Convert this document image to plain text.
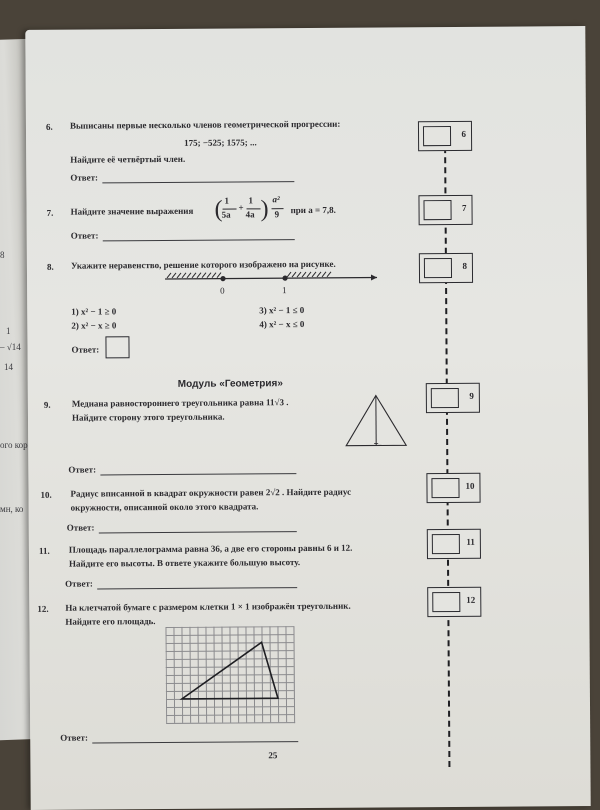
8
1
– √14
14
ого кор
мн, ко
6. Выписаны первые несколько членов геометрической прогрессии:
175; −525; 1575; ...
Найдите её четвёртый член.
Ответ:
6
7. Найдите значение выражения ( 1
5a
+
1
4a ) a²
9 при a = 7,8.
Ответ:
7
8. Укажите неравенство, решение которого изображено на рисунке.
0	1
1) x² − 1 ≥ 0
2) x² − x ≥ 0
3) x² − 1 ≤ 0
4) x² − x ≤ 0
Ответ:
8
Модуль «Геометрия»
9. Медиана равностороннего треугольника равна 11√3 .
Найдите сторону этого треугольника.
Ответ:
9
10. Радиус вписанной в квадрат окружности равен 2√2 . Найдите радиус
окружности, описанной около этого квадрата.
Ответ:
10
11. Площадь параллелограмма равна 36, а две его стороны равны 6 и 12.
Найдите его высоты. В ответе укажите большую высоту.
Ответ:
11
12. На клетчатой бумаге с размером клетки 1 × 1 изображён треугольник.
Найдите его площадь.
Ответ:
12
25
